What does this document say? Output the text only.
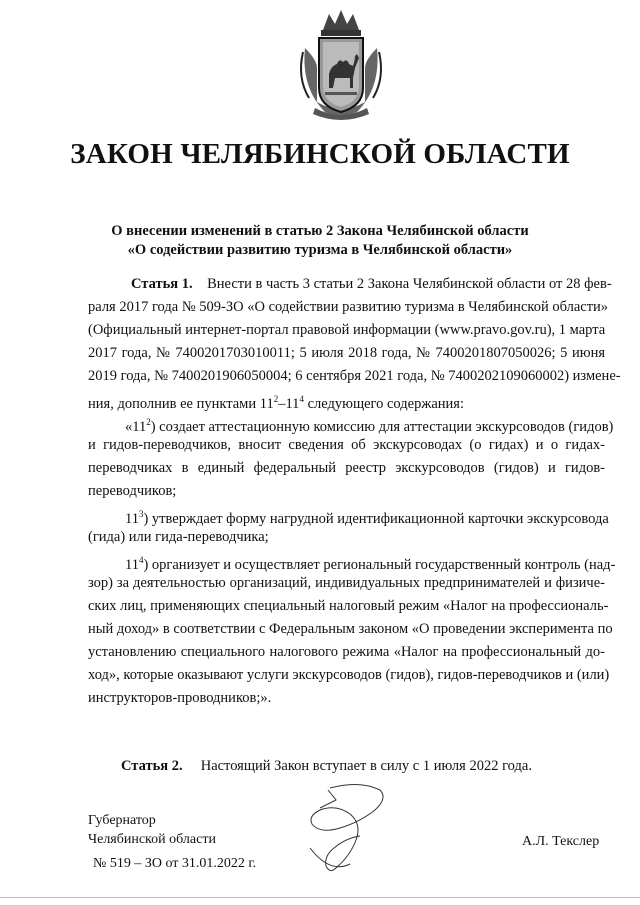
ЗАКОН ЧЕЛЯБИНСКОЙ ОБЛАСТИ
О внесении изменений в статью 2 Закона Челябинской области
«О содействии развитию туризма в Челябинской области»
Статья 1. Внести в часть 3 статьи 2 Закона Челябинской области от 28 фев-
раля 2017 года № 509-ЗО «О содействии развитию туризма в Челябинской области»
(Официальный интернет-портал правовой информации (www.pravo.gov.ru), 1 марта
2017 года, № 7400201703010011; 5 июля 2018 года, № 7400201807050026; 5 июня
2019 года, № 7400201906050004; 6 сентября 2021 года, № 7400202109060002) измене-
ния, дополнив ее пунктами $11^2-11^4$ следующего содержания:
«$11^2$) создает аттестационную комиссию для аттестации экскурсоводов (гидов)
и гидов-переводчиков, вносит сведения об экскурсоводах (о гидах) и о гидах-
переводчиках в единый федеральный реестр экскурсоводов (гидов) и гидов-
переводчиков;
$11^3$) утверждает форму нагрудной идентификационной карточки экскурсовода
(гида) или гида-переводчика;
$11^4$) организует и осуществляет региональный государственный контроль (над-
зор) за деятельностью организаций, индивидуальных предпринимателей и физиче-
ских лиц, применяющих специальный налоговый режим «Налог на профессиональ-
ный доход» в соответствии с Федеральным законом «О проведении эксперимента по
установлению специального налогового режима «Налог на профессиональный до-
ход», которые оказывают услуги экскурсоводов (гидов), гидов-переводчиков и (или)
инструкторов-проводников;».
Статья 2. Настоящий Закон вступает в силу с 1 июля 2022 года.
Губернатор
Челябинской области	А.Л. Текслер
№ 519 – ЗО от 31.01.2022 г.
